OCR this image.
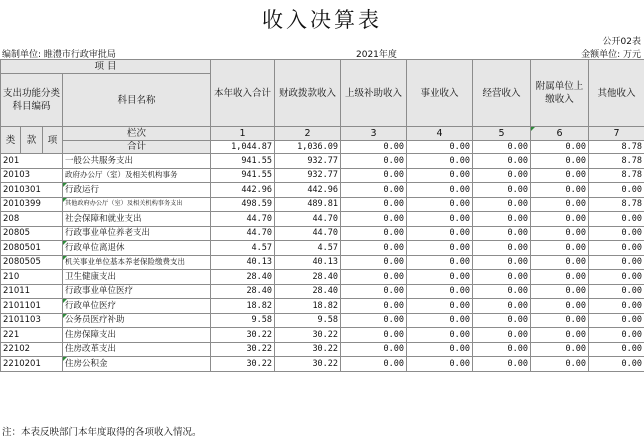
收入决算表
公开02表
编制单位: 睢澧市行政审批局	2021年度	金额单位: 万元
项 目				本年收入合计	财政拨款收入	上级补助收入	事业收入	经营收入	附属单位上缴收入	其他收入
支出功能分类科目编码			科目名称							
类	款	项	栏次	1	2	3	4	5	6	7
			合计	1,044.87	1,036.09	0.00	0.00	0.00	0.00	8.78
201			一般公共服务支出	941.55	932.77	0.00	0.00	0.00	0.00	8.78
20103			政府办公厅（室）及相关机构事务	941.55	932.77	0.00	0.00	0.00	0.00	8.78
2010301			行政运行	442.96	442.96	0.00	0.00	0.00	0.00	0.00
2010399			其他政府办公厅（室）及相关机构事务支出	498.59	489.81	0.00	0.00	0.00	0.00	8.78
208			社会保障和就业支出	44.70	44.70	0.00	0.00	0.00	0.00	0.00
20805			行政事业单位养老支出	44.70	44.70	0.00	0.00	0.00	0.00	0.00
2080501			行政单位离退休	4.57	4.57	0.00	0.00	0.00	0.00	0.00
2080505			机关事业单位基本养老保险缴费支出	40.13	40.13	0.00	0.00	0.00	0.00	0.00
210			卫生健康支出	28.40	28.40	0.00	0.00	0.00	0.00	0.00
21011			行政事业单位医疗	28.40	28.40	0.00	0.00	0.00	0.00	0.00
2101101			行政单位医疗	18.82	18.82	0.00	0.00	0.00	0.00	0.00
2101103			公务员医疗补助	9.58	9.58	0.00	0.00	0.00	0.00	0.00
221			住房保障支出	30.22	30.22	0.00	0.00	0.00	0.00	0.00
22102			住房改革支出	30.22	30.22	0.00	0.00	0.00	0.00	0.00
2210201			住房公积金	30.22	30.22	0.00	0.00	0.00	0.00	0.00
注：本表反映部门本年度取得的各项收入情况。
